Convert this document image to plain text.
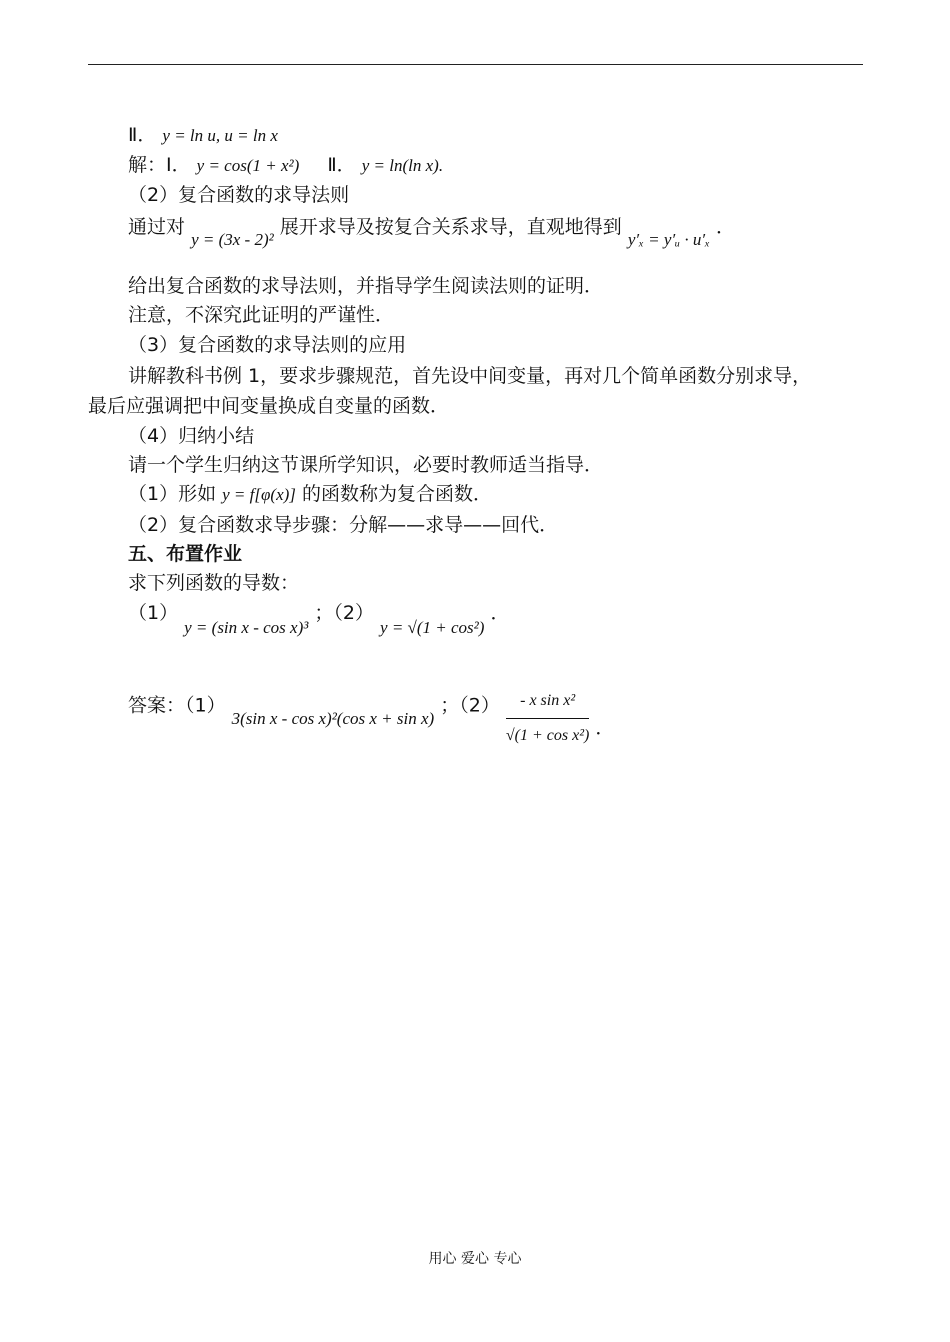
Ⅱ． y = ln u, u = ln x
解：Ⅰ． y = cos(1 + x²) Ⅱ． y = ln(ln x).
（2）复合函数的求导法则
通过对 y = (3x - 2)² 展开求导及按复合关系求导，直观地得到 y′ₓ = y′ᵤ · u′ₓ ．
给出复合函数的求导法则，并指导学生阅读法则的证明．
注意，不深究此证明的严谨性．
（3）复合函数的求导法则的应用
讲解教科书例 1，要求步骤规范，首先设中间变量，再对几个简单函数分别求导，
最后应强调把中间变量换成自变量的函数．
（4）归纳小结
请一个学生归纳这节课所学知识，必要时教师适当指导．
（1）形如 y = f[φ(x)] 的函数称为复合函数．
（2）复合函数求导步骤：分解——求导——回代．
五、布置作业
求下列函数的导数：
（1） y = (sin x - cos x)³ ；（2） y = √(1 + cos²) ．
答案：（1） 3(sin x - cos x)²(cos x + sin x) ；$(2) \frac{\text{- x sin x²}}{\text{√(1 + cos x²)}}$ ．
用心 爱心 专心
